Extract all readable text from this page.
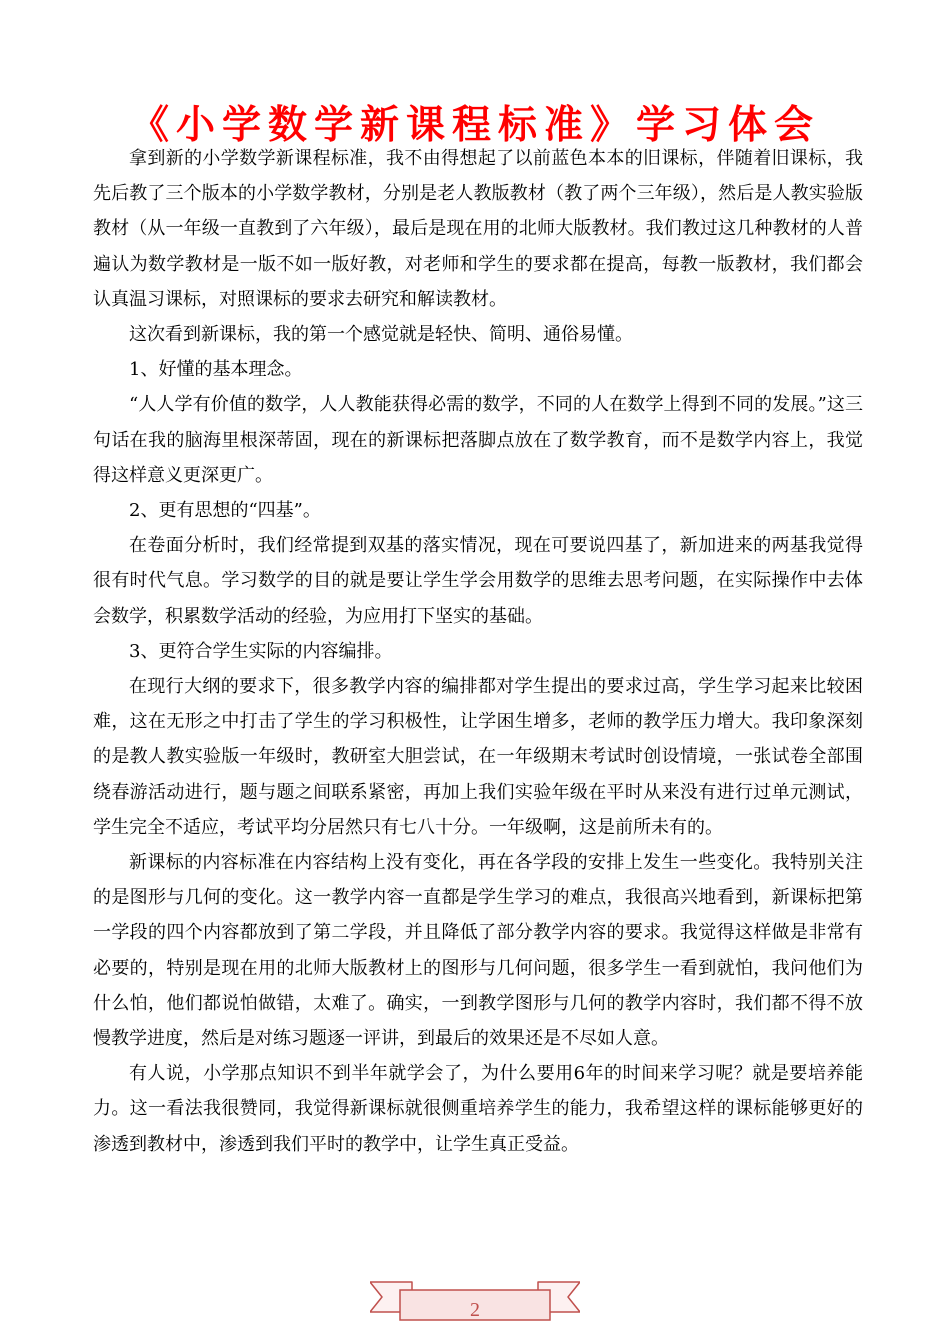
《小学数学新课程标准》学习体会

拿到新的小学数学新课程标准，我不由得想起了以前蓝色本本的旧课标，伴随着旧课标，我先后教了三个版本的小学数学教材，分别是老人教版教材（教了两个三年级），然后是人教实验版教材（从一年级一直教到了六年级），最后是现在用的北师大版教材。我们教过这几种教材的人普遍认为数学教材是一版不如一版好教，对老师和学生的要求都在提高，每教一版教材，我们都会认真温习课标，对照课标的要求去研究和解读教材。

这次看到新课标，我的第一个感觉就是轻快、简明、通俗易懂。

1、好懂的基本理念。

“人人学有价值的数学，人人教能获得必需的数学，不同的人在数学上得到不同的发展。”这三句话在我的脑海里根深蒂固，现在的新课标把落脚点放在了数学教育，而不是数学内容上，我觉得这样意义更深更广。

2、更有思想的“四基”。

在卷面分析时，我们经常提到双基的落实情况，现在可要说四基了，新加进来的两基我觉得很有时代气息。学习数学的目的就是要让学生学会用数学的思维去思考问题，在实际操作中去体会数学，积累数学活动的经验，为应用打下坚实的基础。

3、更符合学生实际的内容编排。

在现行大纲的要求下，很多教学内容的编排都对学生提出的要求过高，学生学习起来比较困难，这在无形之中打击了学生的学习积极性，让学困生增多，老师的教学压力增大。我印象深刻的是教人教实验版一年级时，教研室大胆尝试，在一年级期末考试时创设情境，一张试卷全部围绕春游活动进行，题与题之间联系紧密，再加上我们实验年级在平时从来没有进行过单元测试，学生完全不适应，考试平均分居然只有七八十分。一年级啊，这是前所未有的。

新课标的内容标准在内容结构上没有变化，再在各学段的安排上发生一些变化。我特别关注的是图形与几何的变化。这一教学内容一直都是学生学习的难点，我很高兴地看到，新课标把第一学段的四个内容都放到了第二学段，并且降低了部分教学内容的要求。我觉得这样做是非常有必要的，特别是现在用的北师大版教材上的图形与几何问题，很多学生一看到就怕，我问他们为什么怕，他们都说怕做错，太难了。确实，一到教学图形与几何的教学内容时，我们都不得不放慢教学进度，然后是对练习题逐一评讲，到最后的效果还是不尽如人意。

有人说，小学那点知识不到半年就学会了，为什么要用6年的时间来学习呢？就是要培养能力。这一看法我很赞同，我觉得新课标就很侧重培养学生的能力，我希望这样的课标能够更好的渗透到教材中，渗透到我们平时的教学中，让学生真正受益。

2
